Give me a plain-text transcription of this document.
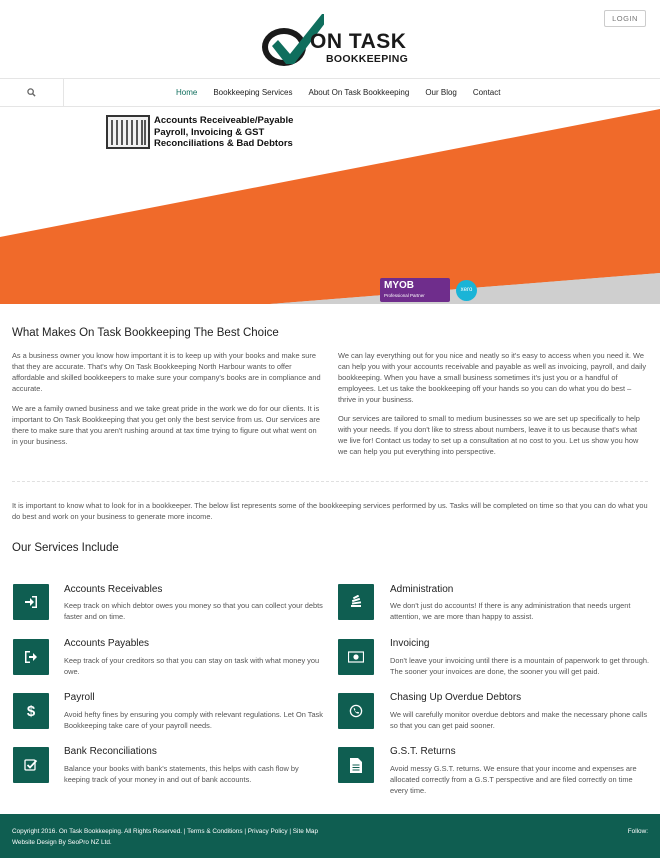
ON TASK
BOOKKEEPING
LOGIN
Home Bookkeeping Services About On Task Bookkeeping Our Blog Contact
Accounts Receiveable/Payable
Payroll, Invoicing & GST
Reconciliations & Bad Debtors
MYOB
Professional Partner
xero
What Makes On Task Bookkeeping The Best Choice
As a business owner you know how important it is to keep up with your books and make sure that they are accurate. That's why On Task Bookkeeping North Harbour wants to offer affordable and skilled bookkeepers to make sure your company's books are in compliance and accurate.
We are a family owned business and we take great pride in the work we do for our clients. It is important to On Task Bookkeeping that you get only the best service from us. Our services are there to make sure that you aren't rushing around at tax time trying to figure out what went on in your business.
We can lay everything out for you nice and neatly so it's easy to access when you need it. We can help you with your accounts receivable and payable as well as invoicing, payroll, and daily bookkeeping. When you have a small business sometimes it's just you or a handful of employees. Let us take the bookkeeping off your hands so you can do what you do best – thrive in your business.
Our services are tailored to small to medium businesses so we are set up specifically to help with your needs. If you don't like to stress about numbers, leave it to us because that's what we live for! Contact us today to set up a consultation at no cost to you. Let us show you how we can help you put everything into perspective.
It is important to know what to look for in a bookkeeper. The below list represents some of the bookkeeping services performed by us. Tasks will be completed on time so that you can do what you do best and work on your business to generate more income.
Our Services Include
Accounts Receivables
Keep track on which debtor owes you money so that you can collect your debts faster and on time.
Administration
We don't just do accounts! If there is any administration that needs urgent attention, we are more than happy to assist.
Accounts Payables
Keep track of your creditors so that you can stay on task with what money you owe.
Invoicing
Don't leave your invoicing until there is a mountain of paperwork to get through. The sooner your invoices are done, the sooner you will get paid.
$
Payroll
Avoid hefty fines by ensuring you comply with relevant regulations. Let On Task Bookkeeping take care of your payroll needs.
Chasing Up Overdue Debtors
We will carefully monitor overdue debtors and make the necessary phone calls so that you can get paid sooner.
Bank Reconciliations
Balance your books with bank's statements, this helps with cash flow by keeping track of your money in and out of bank accounts.
G.S.T. Returns
Avoid messy G.S.T. returns. We ensure that your income and expenses are allocated correctly from a G.S.T perspective and are filed correctly on time every time.
Copyright 2016. On Task Bookkeeping. All Rights Reserved. | Terms & Conditions | Privacy Policy | Site Map
Website Design By SeoPro NZ Ltd.
Follow:
